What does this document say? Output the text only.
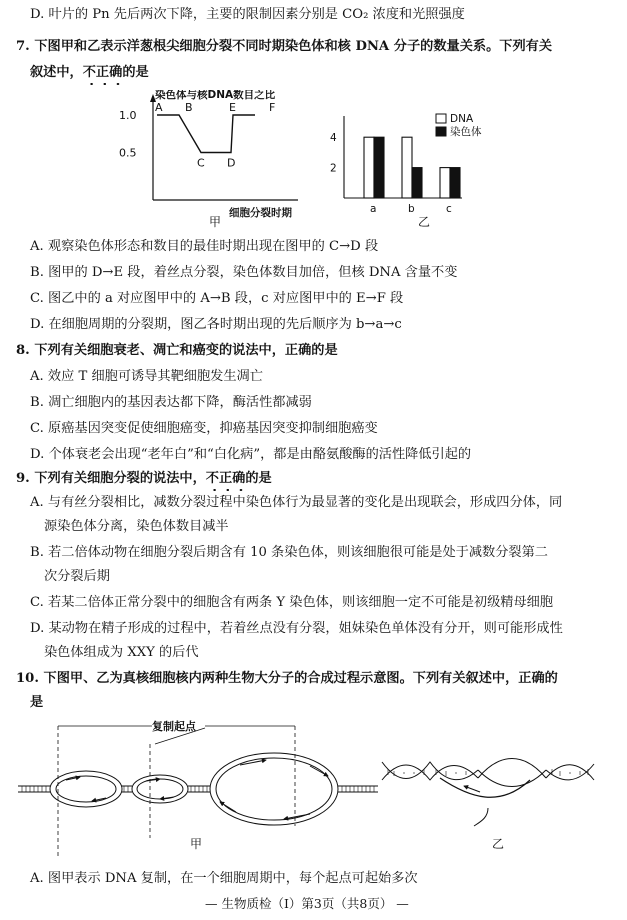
D. 叶片的 Pn 先后两次下降，主要的限制因素分别是 CO₂ 浓度和光照强度
7. 下图甲和乙表示洋葱根尖细胞分裂不同时期染色体和核 DNA 分子的数量关系。下列有关
叙述中，不正确的是
染色体与核DNA数目之比
1.0
0.5
细胞分裂时期
甲
A B
C D
E	F
4
2
a	b	c
DNA
染色体
乙
A. 观察染色体形态和数目的最佳时期出现在图甲的 C→D 段
B. 图甲的 D→E 段，着丝点分裂，染色体数目加倍，但核 DNA 含量不变
C. 图乙中的 a 对应图甲中的 A→B 段，c 对应图甲中的 E→F 段
D. 在细胞周期的分裂期，图乙各时期出现的先后顺序为 b→a→c
8. 下列有关细胞衰老、凋亡和癌变的说法中，正确的是
A. 效应 T 细胞可诱导其靶细胞发生凋亡
B. 凋亡细胞内的基因表达都下降，酶活性都减弱
C. 原癌基因突变促使细胞癌变，抑癌基因突变抑制细胞癌变
D. 个体衰老会出现“老年白”和“白化病”，都是由酪氨酸酶的活性降低引起的
9. 下列有关细胞分裂的说法中，不正确的是
A. 与有丝分裂相比，减数分裂过程中染色体行为最显著的变化是出现联会，形成四分体，同
源染色体分离，染色体数目减半
B. 若二倍体动物在细胞分裂后期含有 10 条染色体，则该细胞很可能是处于减数分裂第二
次分裂后期
C. 若某二倍体正常分裂中的细胞含有两条 Y 染色体，则该细胞一定不可能是初级精母细胞
D. 某动物在精子形成的过程中，若着丝点没有分裂，姐妹染色单体没有分开，则可能形成性
染色体组成为 XXY 的后代
10. 下图甲、乙为真核细胞核内两种生物大分子的合成过程示意图。下列有关叙述中，正确的
是
复制起点
甲	乙
A. 图甲表示 DNA 复制，在一个细胞周期中，每个起点可起始多次
— 生物质检（Ⅰ）第3页（共8页） —
